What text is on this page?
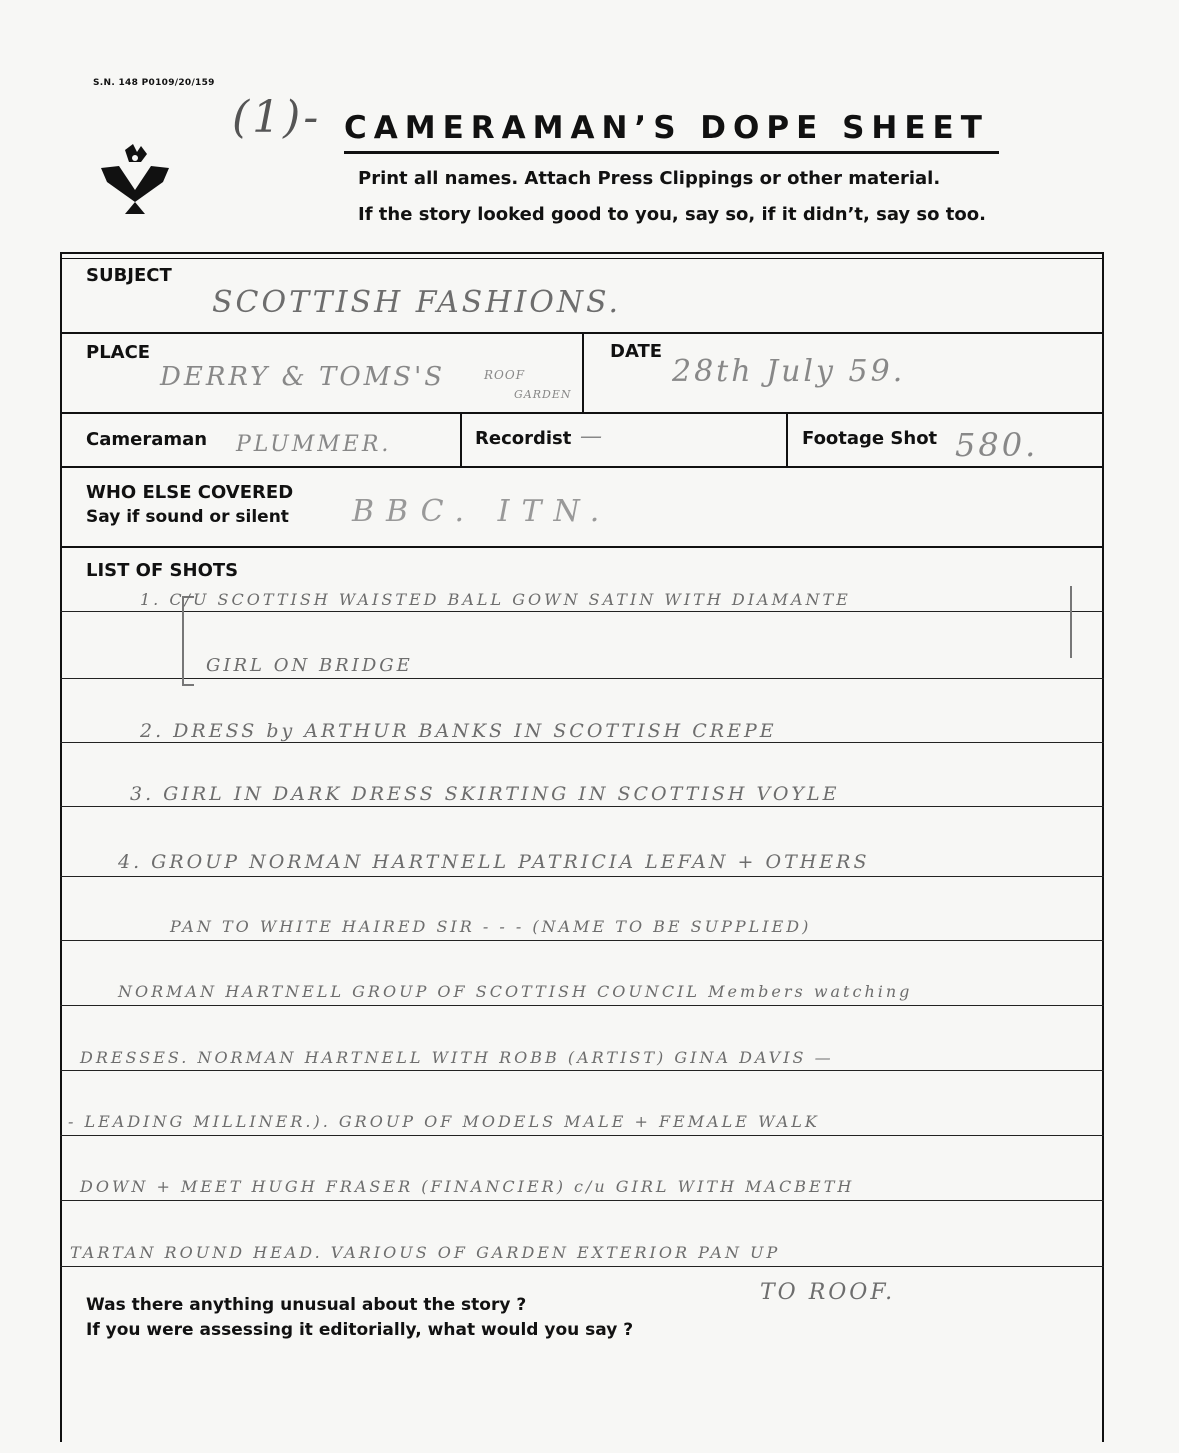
S.N. 148 P0109/20/159
(1)- CAMERAMAN’S DOPE SHEET
Print all names. Attach Press Clippings or other material.
If the story looked good to you, say so, if it didn’t, say so too.
SUBJECT
SCOTTISH FASHIONS.
PLACE
DERRY & TOMS'S	ROOF
GARDEN
DATE
28th July 59.
Cameraman PLUMMER.	Recordist —	Footage Shot 580.
WHO ELSE COVERED
Say if sound or silent BBC. ITN.
LIST OF SHOTS
1. C/U SCOTTISH WAISTED BALL GOWN SATIN WITH DIAMANTE
GIRL ON BRIDGE
2. DRESS by ARTHUR BANKS IN SCOTTISH CREPE
3. GIRL IN DARK DRESS SKIRTING IN SCOTTISH VOYLE
4. GROUP NORMAN HARTNELL PATRICIA LEFAN + OTHERS
PAN TO WHITE HAIRED SIR - - - (NAME TO BE SUPPLIED)
NORMAN HARTNELL GROUP OF SCOTTISH COUNCIL Members watching
DRESSES. NORMAN HARTNELL WITH ROBB (ARTIST) GINA DAVIS —
- LEADING MILLINER.). GROUP OF MODELS MALE + FEMALE WALK
DOWN + MEET HUGH FRASER (FINANCIER) c/u GIRL WITH MACBETH
TARTAN ROUND HEAD. VARIOUS OF GARDEN EXTERIOR PAN UP
TO ROOF.
Was there anything unusual about the story ?
If you were assessing it editorially, what would you say ?
